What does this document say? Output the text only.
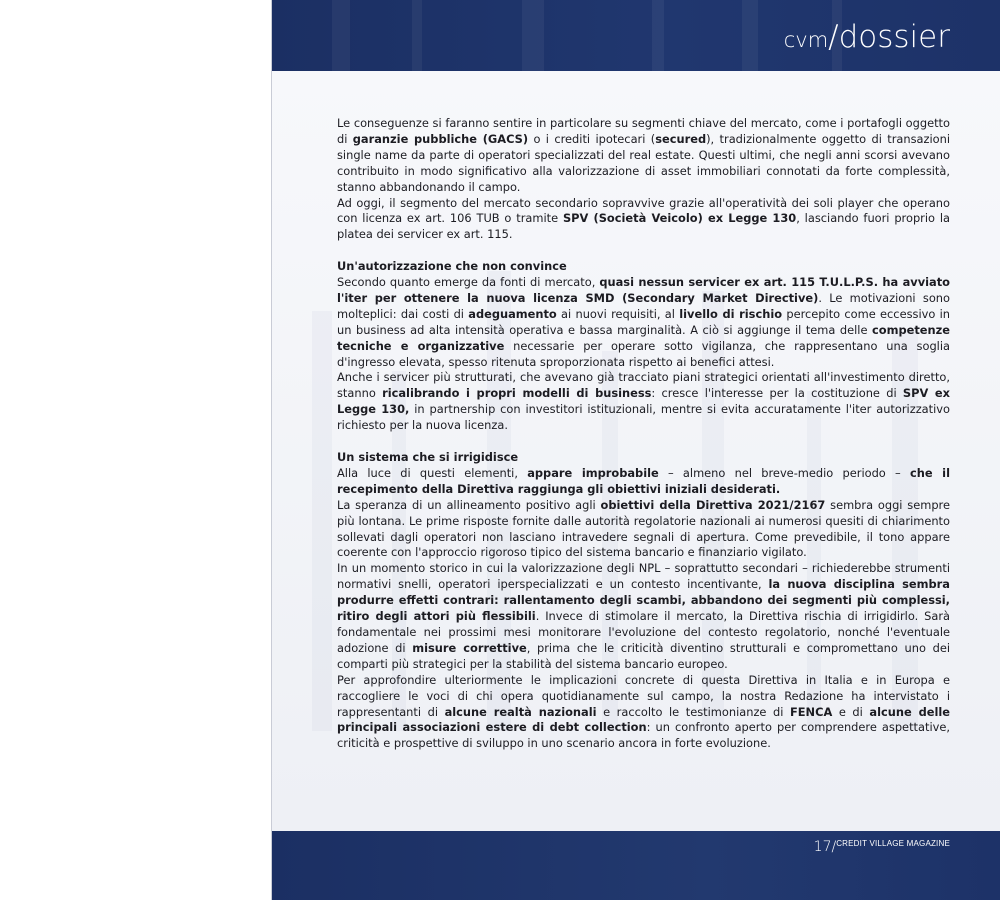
cvm/dossier
17/$^{CREDIT VILLAGE MAGAZINE}$

Le conseguenze si faranno sentire in particolare su segmenti chiave del mercato, come i portafogli oggetto di garanzie pubbliche (GACS) o i crediti ipotecari (secured), tradizionalmente oggetto di transazioni single name da parte di operatori specializzati del real estate. Questi ultimi, che negli anni scorsi avevano contribuito in modo significativo alla valorizzazione di asset immobiliari connotati da forte complessità, stanno abbandonando il campo.

Ad oggi, il segmento del mercato secondario sopravvive grazie all'operatività dei soli player che operano con licenza ex art. 106 TUB o tramite SPV (Società Veicolo) ex Legge 130, lasciando fuori proprio la platea dei servicer ex art. 115.

Un'autorizzazione che non convince

Secondo quanto emerge da fonti di mercato, quasi nessun servicer ex art. 115 T.U.L.P.S. ha avviato l'iter per ottenere la nuova licenza SMD (Secondary Market Directive). Le motivazioni sono molteplici: dai costi di adeguamento ai nuovi requisiti, al livello di rischio percepito come eccessivo in un business ad alta intensità operativa e bassa marginalità. A ciò si aggiunge il tema delle competenze tecniche e organizzative necessarie per operare sotto vigilanza, che rappresentano una soglia d'ingresso elevata, spesso ritenuta sproporzionata rispetto ai benefici attesi.

Anche i servicer più strutturati, che avevano già tracciato piani strategici orientati all'investimento diretto, stanno ricalibrando i propri modelli di business: cresce l'interesse per la costituzione di SPV ex Legge 130, in partnership con investitori istituzionali, mentre si evita accuratamente l'iter autorizzativo richiesto per la nuova licenza.

Un sistema che si irrigidisce

Alla luce di questi elementi, appare improbabile – almeno nel breve-medio periodo – che il recepimento della Direttiva raggiunga gli obiettivi iniziali desiderati.

La speranza di un allineamento positivo agli obiettivi della Direttiva 2021/2167 sembra oggi sempre più lontana. Le prime risposte fornite dalle autorità regolatorie nazionali ai numerosi quesiti di chiarimento sollevati dagli operatori non lasciano intravedere segnali di apertura. Come prevedibile, il tono appare coerente con l'approccio rigoroso tipico del sistema bancario e finanziario vigilato.

In un momento storico in cui la valorizzazione degli NPL – soprattutto secondari – richiederebbe strumenti normativi snelli, operatori iperspecializzati e un contesto incentivante, la nuova disciplina sembra produrre effetti contrari: rallentamento degli scambi, abbandono dei segmenti più complessi, ritiro degli attori più flessibili. Invece di stimolare il mercato, la Direttiva rischia di irrigidirlo. Sarà fondamentale nei prossimi mesi monitorare l'evoluzione del contesto regolatorio, nonché l'eventuale adozione di misure correttive, prima che le criticità diventino strutturali e compromettano uno dei comparti più strategici per la stabilità del sistema bancario europeo.

Per approfondire ulteriormente le implicazioni concrete di questa Direttiva in Italia e in Europa e raccogliere le voci di chi opera quotidianamente sul campo, la nostra Redazione ha intervistato i rappresentanti di alcune realtà nazionali e raccolto le testimonianze di FENCA e di alcune delle principali associazioni estere di debt collection: un confronto aperto per comprendere aspettative, criticità e prospettive di sviluppo in uno scenario ancora in forte evoluzione.
